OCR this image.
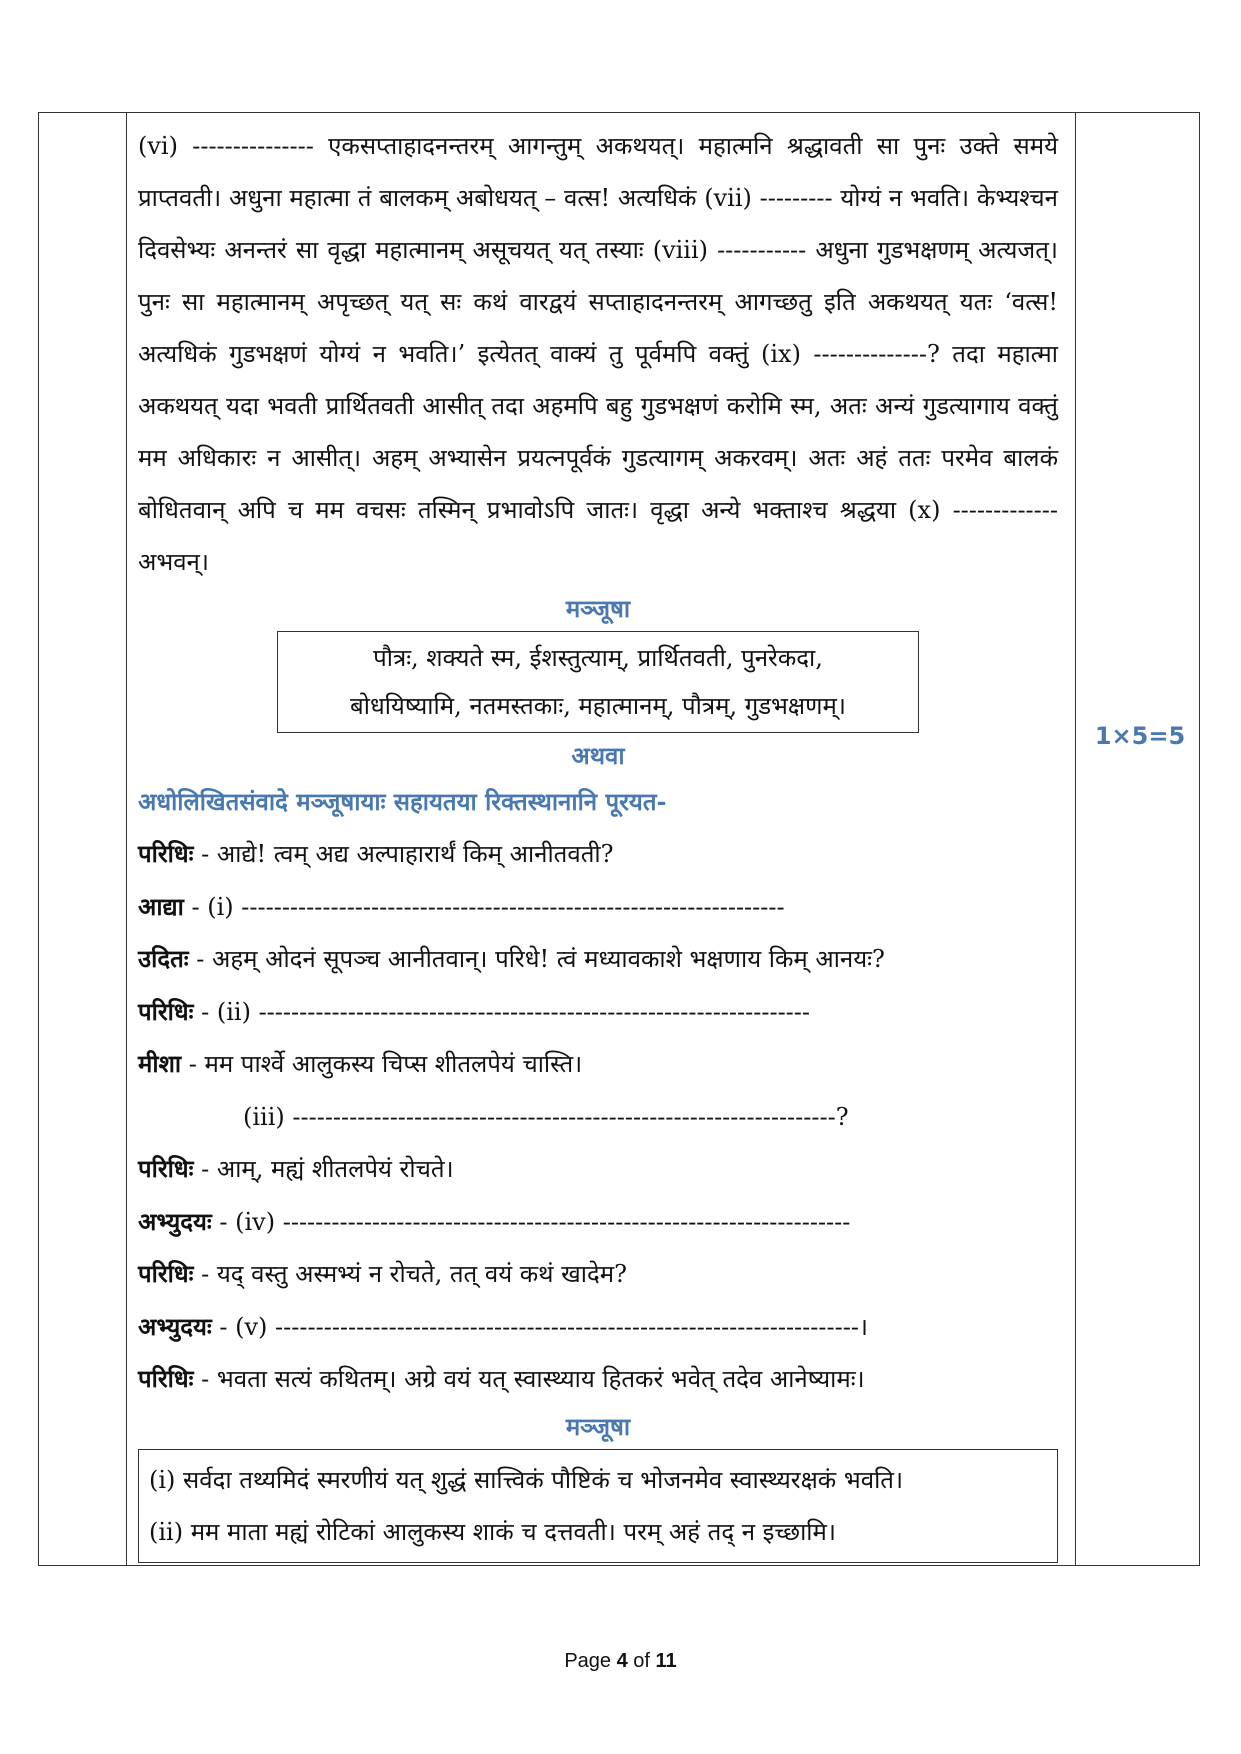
(vi) --------------- एकसप्ताहादनन्तरम् आगन्तुम् अकथयत्। महात्मनि श्रद्धावती सा पुनः उक्ते समये प्राप्तवती। अधुना महात्मा तं बालकम् अबोधयत् – वत्स! अत्यधिकं (vii) --------- योग्यं न भवति। केभ्यश्चन दिवसेभ्यः अनन्तरं सा वृद्धा महात्मानम् असूचयत् यत् तस्याः (viii) ----------- अधुना गुडभक्षणम् अत्यजत्। पुनः सा महात्मानम् अपृच्छत् यत् सः कथं वारद्वयं सप्ताहादनन्तरम् आगच्छतु इति अकथयत् यतः ‘वत्स! अत्यधिकं गुडभक्षणं योग्यं न भवति।’ इत्येतत् वाक्यं तु पूर्वमपि वक्तुं (ix) --------------? तदा महात्मा अकथयत् यदा भवती प्रार्थितवती आसीत् तदा अहमपि बहु गुडभक्षणं करोमि स्म, अतः अन्यं गुडत्यागाय वक्तुं मम अधिकारः न आसीत्। अहम् अभ्यासेन प्रयत्नपूर्वकं गुडत्यागम् अकरवम्। अतः अहं ततः परमेव बालकं बोधितवान् अपि च मम वचसः तस्मिन् प्रभावोऽपि जातः। वृद्धा अन्ये भक्ताश्च श्रद्धया (x) ------------- अभवन्।
मञ्जूषा
पौत्रः, शक्यते स्म, ईशस्तुत्याम्, प्रार्थितवती, पुनरेकदा,
बोधयिष्यामि, नतमस्तकाः, महात्मानम्, पौत्रम्, गुडभक्षणम्।
अथवा
अधोलिखितसंवादे मञ्जूषायाः सहायतया रिक्तस्थानानि पूरयत-
परिधिः - आद्ये! त्वम् अद्य अल्पाहारार्थं किम् आनीतवती?
आद्या - (i) -------------------------------------------------------------------
उदितः - अहम् ओदनं सूपञ्च आनीतवान्। परिधे! त्वं मध्यावकाशे भक्षणाय किम् आनयः?
परिधिः - (ii) --------------------------------------------------------------------
मीशा - मम पार्श्वे आलुकस्य चिप्स शीतलपेयं चास्ति।
(iii) -------------------------------------------------------------------?
परिधिः - आम्, मह्यं शीतलपेयं रोचते।
अभ्युदयः - (iv) ----------------------------------------------------------------------
परिधिः - यद् वस्तु अस्मभ्यं न रोचते, तत् वयं कथं खादेम?
अभ्युदयः - (v) ------------------------------------------------------------------------।
परिधिः - भवता सत्यं कथितम्। अग्रे वयं यत् स्वास्थ्याय हितकरं भवेत् तदेव आनेष्यामः।
मञ्जूषा
(i) सर्वदा तथ्यमिदं स्मरणीयं यत् शुद्धं सात्त्विकं पौष्टिकं च भोजनमेव स्वास्थ्यरक्षकं भवति।
(ii) मम माता मह्यं रोटिकां आलुकस्य शाकं च दत्तवती। परम् अहं तद् न इच्छामि।
1×5=5
Page 4 of 11
